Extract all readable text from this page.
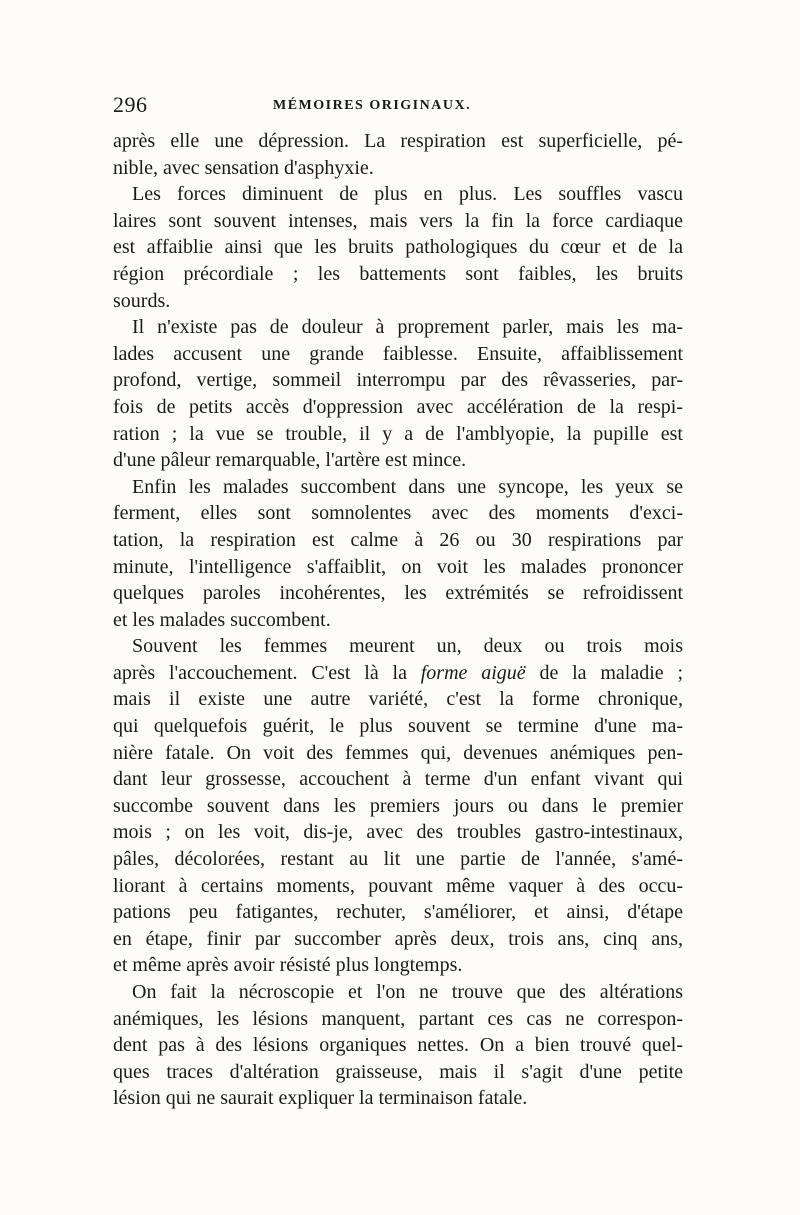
296	MÉMOIRES ORIGINAUX.
après elle une dépression. La respiration est superficielle, pé-
nible, avec sensation d'asphyxie.
Les forces diminuent de plus en plus. Les souffles vascu
laires sont souvent intenses, mais vers la fin la force cardiaque
est affaiblie ainsi que les bruits pathologiques du cœur et de la
région précordiale ; les battements sont faibles, les bruits
sourds.
Il n'existe pas de douleur à proprement parler, mais les ma-
lades accusent une grande faiblesse. Ensuite, affaiblissement
profond, vertige, sommeil interrompu par des rêvasseries, par-
fois de petits accès d'oppression avec accélération de la respi-
ration ; la vue se trouble, il y a de l'amblyopie, la pupille est
d'une pâleur remarquable, l'artère est mince.
Enfin les malades succombent dans une syncope, les yeux se
ferment, elles sont somnolentes avec des moments d'exci-
tation, la respiration est calme à 26 ou 30 respirations par
minute, l'intelligence s'affaiblit, on voit les malades prononcer
quelques paroles incohérentes, les extrémités se refroidissent
et les malades succombent.
Souvent les femmes meurent un, deux ou trois mois
après l'accouchement. C'est là la forme aiguë de la maladie ;
mais il existe une autre variété, c'est la forme chronique,
qui quelquefois guérit, le plus souvent se termine d'une ma-
nière fatale. On voit des femmes qui, devenues anémiques pen-
dant leur grossesse, accouchent à terme d'un enfant vivant qui
succombe souvent dans les premiers jours ou dans le premier
mois ; on les voit, dis-je, avec des troubles gastro-intestinaux,
pâles, décolorées, restant au lit une partie de l'année, s'amé-
liorant à certains moments, pouvant même vaquer à des occu-
pations peu fatigantes, rechuter, s'améliorer, et ainsi, d'étape
en étape, finir par succomber après deux, trois ans, cinq ans,
et même après avoir résisté plus longtemps.
On fait la nécroscopie et l'on ne trouve que des altérations
anémiques, les lésions manquent, partant ces cas ne correspon-
dent pas à des lésions organiques nettes. On a bien trouvé quel-
ques traces d'altération graisseuse, mais il s'agit d'une petite
lésion qui ne saurait expliquer la terminaison fatale.
